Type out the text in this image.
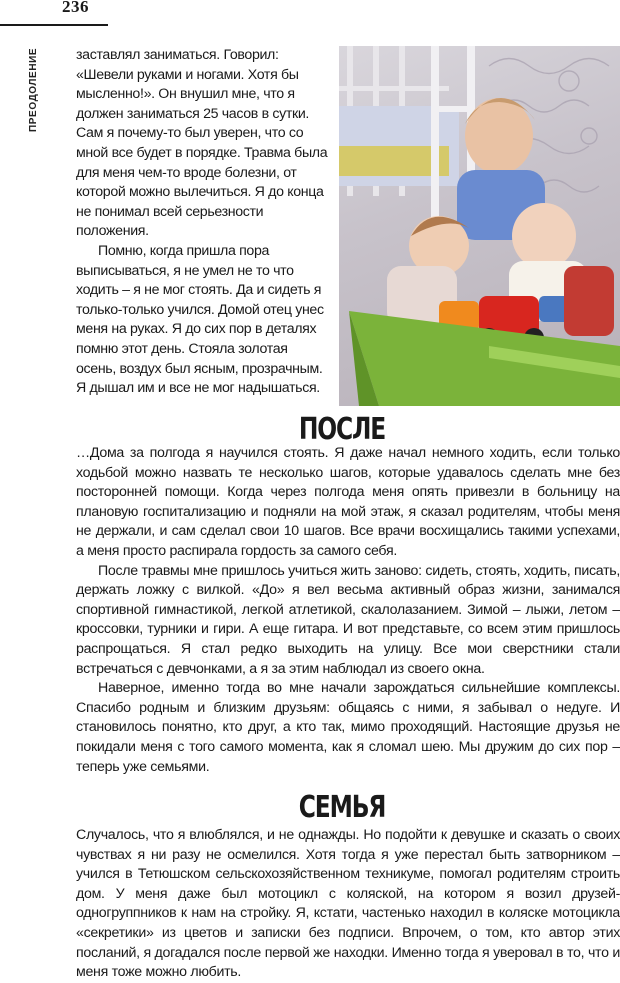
236
ПРЕОДОЛЕНИЕ	заставлял заниматься. Говорил: «Шевели руками и ногами. Хотя бы мысленно!». Он внушил мне, что я должен заниматься 25 часов в сутки. Сам я почему-то был уверен, что со мной все будет в порядке. Травма была для меня чем-то вроде болезни, от которой можно вылечиться. Я до конца не понимал всей серьезности положения.

Помню, когда пришла пора выписываться, я не умел не то что ходить – я не мог стоять. Да и сидеть я только-только учился. Домой отец унес меня на руках. Я до сих пор в деталях помню этот день. Стояла золотая осень, воздух был ясным, прозрачным. Я дышал им и все не мог надышаться.

ПОСЛЕ

…Дома за полгода я научился стоять. Я даже начал немного ходить, если только ходьбой можно назвать те несколько шагов, которые удавалось сделать мне без посторонней помощи. Когда через полгода меня опять привезли в больницу на плановую госпитализацию и подняли на мой этаж, я сказал родителям, чтобы меня не держали, и сам сделал свои 10 шагов. Все врачи восхищались такими успехами, а меня просто распирала гордость за самого себя.

После травмы мне пришлось учиться жить заново: сидеть, стоять, ходить, писать, держать ложку с вилкой. «До» я вел весьма активный образ жизни, занимался спортивной гимнастикой, легкой атлетикой, скалолазанием. Зимой – лыжи, летом – кроссовки, турники и гири. А еще гитара. И вот представьте, со всем этим пришлось распрощаться. Я стал редко выходить на улицу. Все мои сверстники стали встречаться с девчонками, а я за этим наблюдал из своего окна.

Наверное, именно тогда во мне начали зарождаться сильнейшие комплексы. Спасибо родным и близким друзьям: общаясь с ними, я забывал о недуге. И становилось понятно, кто друг, а кто так, мимо проходящий. Настоящие друзья не покидали меня с того самого момента, как я сломал шею. Мы дружим до сих пор – теперь уже семьями.

СЕМЬЯ

Случалось, что я влюблялся, и не однажды. Но подойти к девушке и сказать о своих чувствах я ни разу не осмелился. Хотя тогда я уже перестал быть затворником – учился в Тетюшском сельскохозяйственном техникуме, помогал родителям строить дом. У меня даже был мотоцикл с коляской, на котором я возил друзей-одногруппников к нам на стройку. Я, кстати, частенько находил в коляске мотоцикла «секретики» из цветов и записки без подписи. Впрочем, о том, кто автор этих посланий, я догадался после первой же находки. Именно тогда я уверовал в то, что и меня тоже можно любить.
